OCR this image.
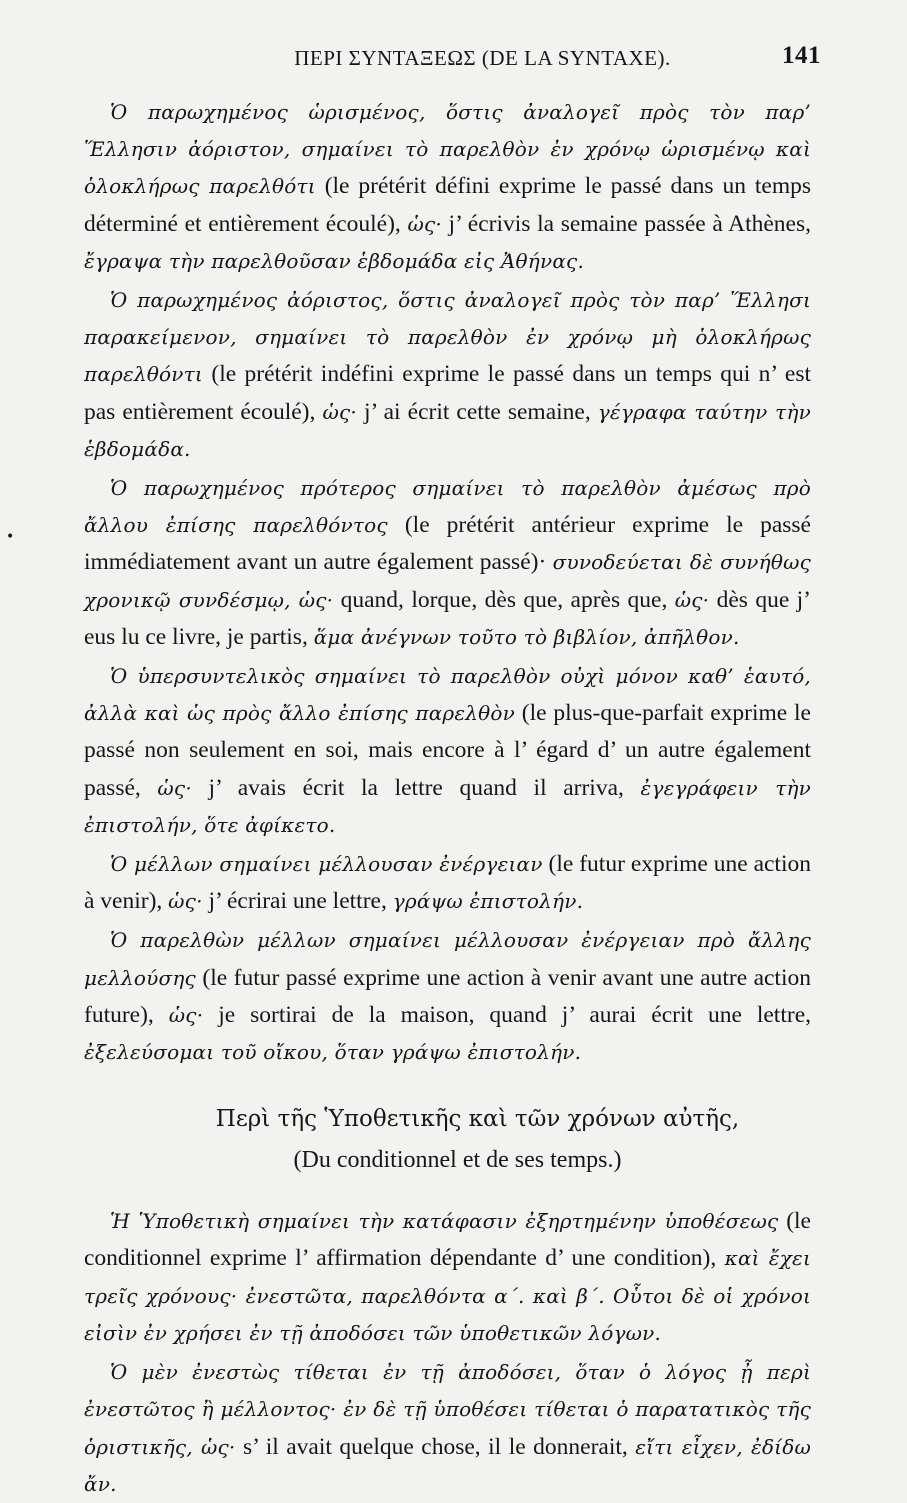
ΠΕΡΙ ΣΥΝΤΑΞΕΩΣ (DE LA SYNTAXE).	141
•

Ὁ παρωχημένος ὡρισμένος, ὅστις ἀναλογεῖ πρὸς τὸν παρ’ Ἕλλησιν ἀόριστον, σημαίνει τὸ παρελθὸν ἐν χρόνῳ ὡρισμένῳ καὶ ὁλοκλήρως παρελθότι (le prétérit défini exprime le passé dans un temps déterminé et entièrement écoulé), ὡς· j’ écrivis la semaine passée à Athènes, ἔγραψα τὴν παρελθοῦσαν ἑβδομάδα εἰς Ἀθήνας.

Ὁ παρωχημένος ἀόριστος, ὅστις ἀναλογεῖ πρὸς τὸν παρ’ Ἕλλησι παρακείμενον, σημαίνει τὸ παρελθὸν ἐν χρόνῳ μὴ ὁλοκλήρως παρελθόντι (le prétérit indéfini exprime le passé dans un temps qui n’ est pas entièrement écoulé), ὡς· j’ ai écrit cette semaine, γέγραφα ταύτην τὴν ἑβδομάδα.

Ὁ παρωχημένος πρότερος σημαίνει τὸ παρελθὸν ἀμέσως πρὸ ἄλλου ἐπίσης παρελθόντος (le prétérit antérieur exprime le passé immédiatement avant un autre également passé)· συνοδεύεται δὲ συνήθως χρονικῷ συνδέσμῳ, ὡς· quand, lorque, dès que, après que, ὡς· dès que j’ eus lu ce livre, je partis, ἅμα ἀνέγνων τοῦτο τὸ βιβλίον, ἀπῆλθον.

Ὁ ὑπερσυντελικὸς σημαίνει τὸ παρελθὸν οὐχὶ μόνον καθ’ ἑαυτό, ἀλλὰ καὶ ὡς πρὸς ἄλλο ἐπίσης παρελθὸν (le plus-que-parfait exprime le passé non seulement en soi, mais encore à l’ égard d’ un autre également passé, ὡς· j’ avais écrit la lettre quand il arriva, ἐγεγράφειν τὴν ἐπιστολήν, ὅτε ἀφίκετο.

Ὁ μέλλων σημαίνει μέλλουσαν ἐνέργειαν (le futur exprime une action à venir), ὡς· j’ écrirai une lettre, γράψω ἐπιστολήν.

Ὁ παρελθὼν μέλλων σημαίνει μέλλουσαν ἐνέργειαν πρὸ ἄλλης μελλούσης (le futur passé exprime une action à venir avant une autre action future), ὡς· je sortirai de la maison, quand j’ aurai écrit une lettre, ἐξελεύσομαι τοῦ οἴκου, ὅταν γράψω ἐπιστολήν.

Περὶ τῆς Ὑποθετικῆς καὶ τῶν χρόνων αὐτῆς,
(Du conditionnel et de ses temps.)

Ἡ Ὑποθετικὴ σημαίνει τὴν κατάφασιν ἐξηρτημένην ὑποθέσεως (le conditionnel exprime l’ affirmation dépendante d’ une condition), καὶ ἔχει τρεῖς χρόνους· ἐνεστῶτα, παρελθόντα α΄. καὶ β΄. Οὗτοι δὲ οἱ χρόνοι εἰσὶν ἐν χρήσει ἐν τῇ ἀποδόσει τῶν ὑποθετικῶν λόγων.

Ὁ μὲν ἐνεστὼς τίθεται ἐν τῇ ἀποδόσει, ὅταν ὁ λόγος ᾖ περὶ ἐνεστῶτος ἢ μέλλοντος· ἐν δὲ τῇ ὑποθέσει τίθεται ὁ παρατατικὸς τῆς ὁριστικῆς, ὡς· s’ il avait quelque chose, il le donnerait, εἴτι εἶχεν, ἐδίδω ἄν.
